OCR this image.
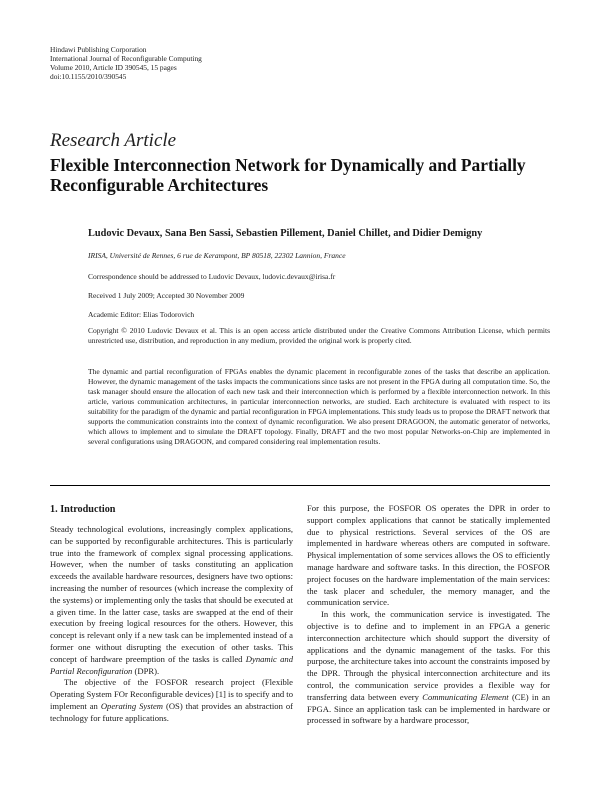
Hindawi Publishing Corporation
International Journal of Reconfigurable Computing
Volume 2010, Article ID 390545, 15 pages
doi:10.1155/2010/390545
Research Article
Flexible Interconnection Network for Dynamically and Partially Reconfigurable Architectures
Ludovic Devaux, Sana Ben Sassi, Sebastien Pillement, Daniel Chillet, and Didier Demigny
IRISA, Université de Rennes, 6 rue de Kerampont, BP 80518, 22302 Lannion, France
Correspondence should be addressed to Ludovic Devaux, ludovic.devaux@irisa.fr
Received 1 July 2009; Accepted 30 November 2009
Academic Editor: Elias Todorovich
Copyright © 2010 Ludovic Devaux et al. This is an open access article distributed under the Creative Commons Attribution License, which permits unrestricted use, distribution, and reproduction in any medium, provided the original work is properly cited.
The dynamic and partial reconfiguration of FPGAs enables the dynamic placement in reconfigurable zones of the tasks that describe an application. However, the dynamic management of the tasks impacts the communications since tasks are not present in the FPGA during all computation time. So, the task manager should ensure the allocation of each new task and their interconnection which is performed by a flexible interconnection network. In this article, various communication architectures, in particular interconnection networks, are studied. Each architecture is evaluated with respect to its suitability for the paradigm of the dynamic and partial reconfiguration in FPGA implementations. This study leads us to propose the DRAFT network that supports the communication constraints into the context of dynamic reconfiguration. We also present DRAGOON, the automatic generator of networks, which allows to implement and to simulate the DRAFT topology. Finally, DRAFT and the two most popular Networks-on-Chip are implemented in several configurations using DRAGOON, and compared considering real implementation results.
1. Introduction

Steady technological evolutions, increasingly complex applications, can be supported by reconfigurable architectures. This is particularly true into the framework of complex signal processing applications. However, when the number of tasks constituting an application exceeds the available hardware resources, designers have two options: increasing the number of resources (which increase the complexity of the systems) or implementing only the tasks that should be executed at a given time. In the latter case, tasks are swapped at the end of their execution by freeing logical resources for the others. However, this concept is relevant only if a new task can be implemented instead of a former one without disrupting the execution of other tasks. This concept of hardware preemption of the tasks is called Dynamic and Partial Reconfiguration (DPR).

The objective of the FOSFOR research project (Flexible Operating System FOr Reconfigurable devices) [1] is to specify and to implement an Operating System (OS) that provides an abstraction of technology for future applications.

For this purpose, the FOSFOR OS operates the DPR in order to support complex applications that cannot be statically implemented due to physical restrictions. Several services of the OS are implemented in hardware whereas others are computed in software. Physical implementation of some services allows the OS to efficiently manage hardware and software tasks. In this direction, the FOSFOR project focuses on the hardware implementation of the main services: the task placer and scheduler, the memory manager, and the communication service.

In this work, the communication service is investigated. The objective is to define and to implement in an FPGA a generic interconnection architecture which should support the diversity of applications and the dynamic management of the tasks. For this purpose, the architecture takes into account the constraints imposed by the DPR. Through the physical interconnection architecture and its control, the communication service provides a flexible way for transferring data between every Communicating Element (CE) in an FPGA. Since an application task can be implemented in hardware or processed in software by a hardware processor,
